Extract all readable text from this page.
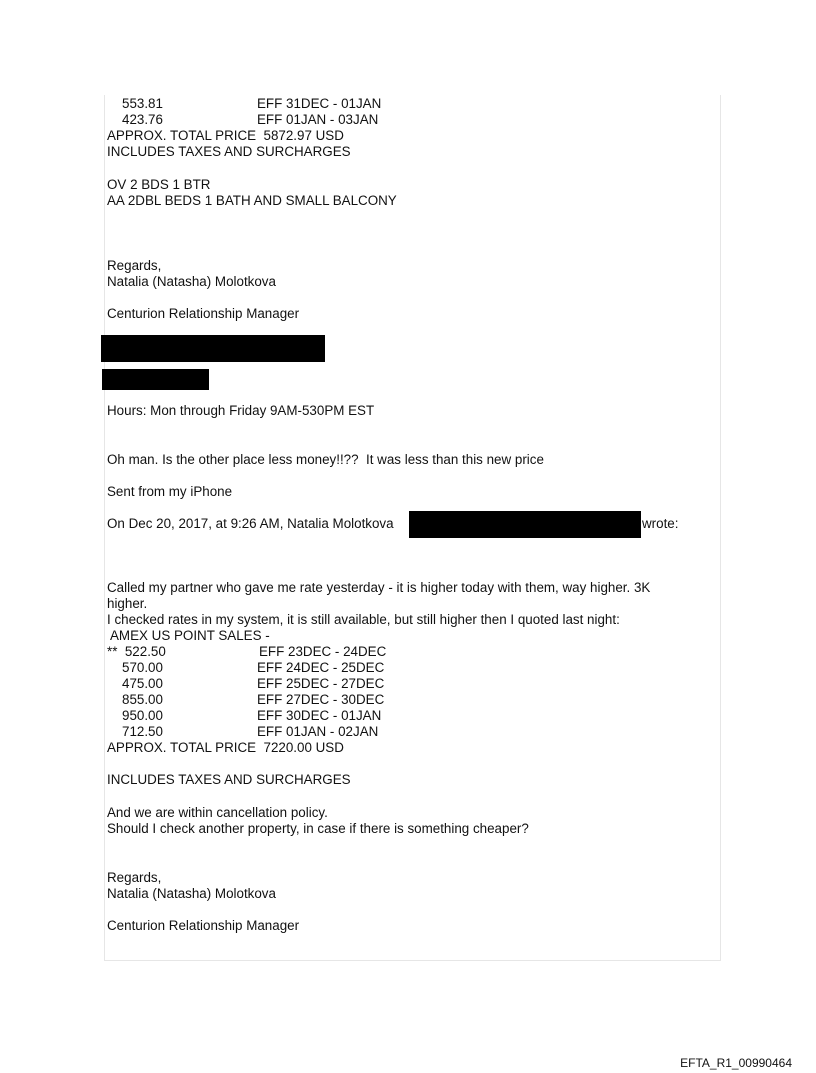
553.81	EFF 31DEC - 01JAN
423.76	EFF 01JAN - 03JAN
APPROX. TOTAL PRICE  5872.97 USD
INCLUDES TAXES AND SURCHARGES
OV 2 BDS 1 BTR
AA 2DBL BEDS 1 BATH AND SMALL BALCONY
Regards,
Natalia (Natasha) Molotkova
Centurion Relationship Manager
Hours: Mon through Friday 9AM-530PM EST
Oh man. Is the other place less money!!??  It was less than this new price
Sent from my iPhone
On Dec 20, 2017, at 9:26 AM, Natalia Molotkova	wrote:
Called my partner who gave me rate yesterday - it is higher today with them, way higher. 3K
higher.
I checked rates in my system, it is still available, but still higher then I quoted last night:
AMEX US POINT SALES -
**  522.50	EFF 23DEC - 24DEC
570.00	EFF 24DEC - 25DEC
475.00	EFF 25DEC - 27DEC
855.00	EFF 27DEC - 30DEC
950.00	EFF 30DEC - 01JAN
712.50	EFF 01JAN - 02JAN
APPROX. TOTAL PRICE  7220.00 USD
INCLUDES TAXES AND SURCHARGES
And we are within cancellation policy.
Should I check another property, in case if there is something cheaper?
Regards,
Natalia (Natasha) Molotkova
Centurion Relationship Manager
EFTA_R1_00990464
